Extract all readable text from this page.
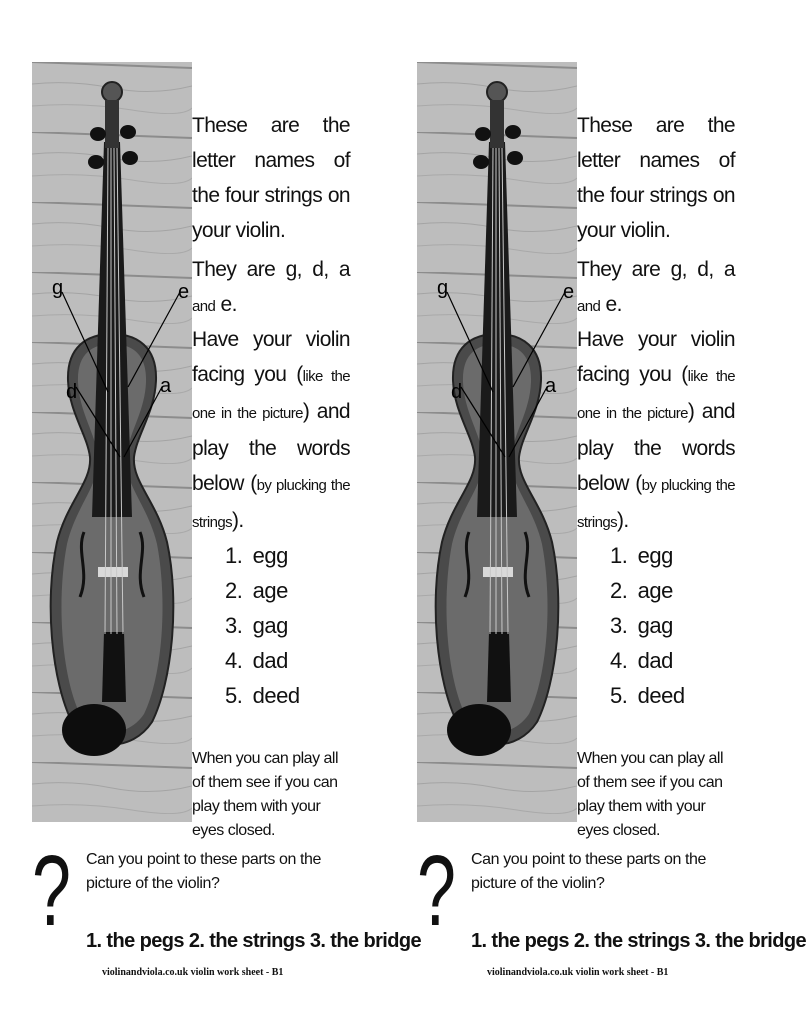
g	e
d	a
These are the letter names of the four strings on your violin.
They are g, d, a and e.
Have your violin facing you (like the one in the picture) and play the words below (by plucking the strings).
1. egg
2. age
3. gag
4. dad
5. deed
When you can play all of them see if you can play them with your eyes closed.
? Can you point to these parts on the picture of the violin?
1. the pegs 2. the strings 3. the bridge
violinandviola.co.uk violin work sheet - B1
g	e
d	a
These are the letter names of the four strings on your violin.
They are g, d, a and e.
Have your violin facing you (like the one in the picture) and play the words below (by plucking the strings).
1. egg
2. age
3. gag
4. dad
5. deed
When you can play all of them see if you can play them with your eyes closed.
? Can you point to these parts on the picture of the violin?
1. the pegs 2. the strings 3. the bridge
violinandviola.co.uk violin work sheet - B1
